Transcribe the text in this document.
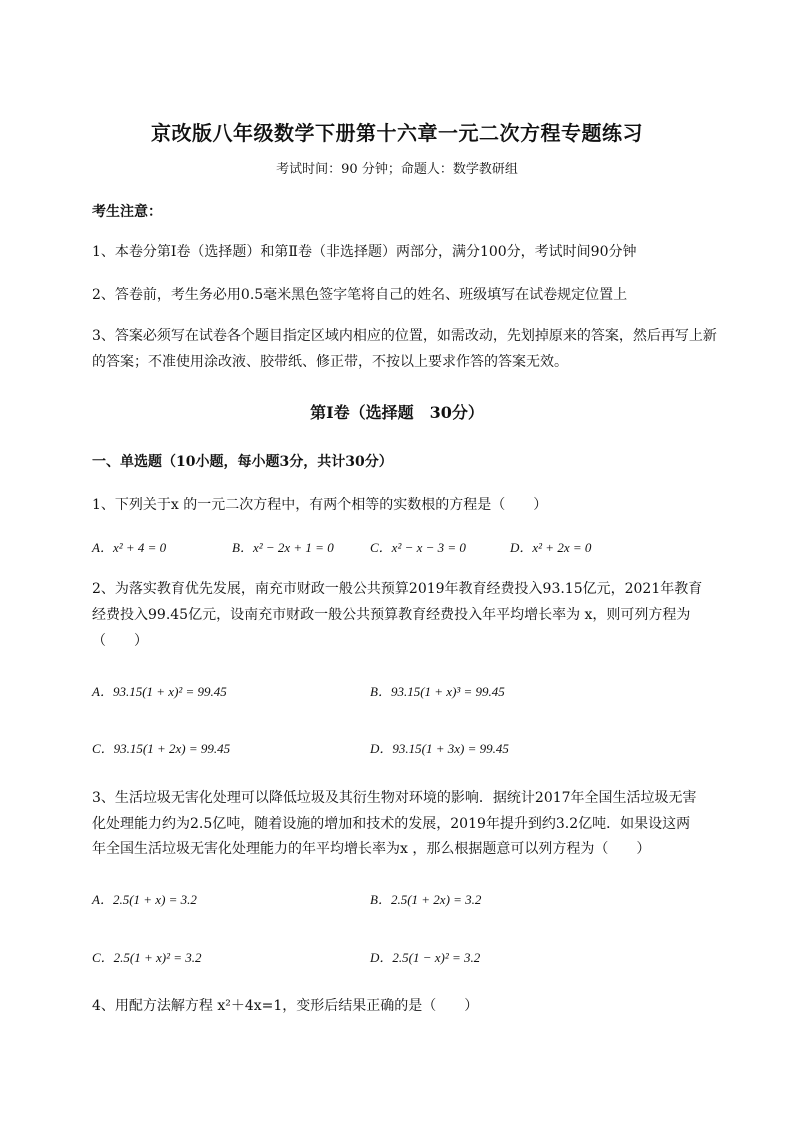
京改版八年级数学下册第十六章一元二次方程专题练习
考试时间：90 分钟；命题人：数学教研组
考生注意：
1、本卷分第Ⅰ卷（选择题）和第Ⅱ卷（非选择题）两部分，满分100分，考试时间90分钟
2、答卷前，考生务必用0.5毫米黑色签字笔将自己的姓名、班级填写在试卷规定位置上
3、答案必须写在试卷各个题目指定区域内相应的位置，如需改动，先划掉原来的答案，然后再写上新
的答案；不准使用涂改液、胶带纸、修正带，不按以上要求作答的答案无效。
第Ⅰ卷（选择题　30分）
一、单选题（10小题，每小题3分，共计30分）
1、下列关于x 的一元二次方程中，有两个相等的实数根的方程是（　　）
A．x² + 4 = 0	B．x² − 2x + 1 = 0	C．x² − x − 3 = 0	D．x² + 2x = 0
2、为落实教育优先发展，南充市财政一般公共预算2019年教育经费投入93.15亿元，2021年教育
经费投入99.45亿元，设南充市财政一般公共预算教育经费投入年平均增长率为 x，则可列方程为
（　　）
A．93.15(1 + x)² = 99.45	B．93.15(1 + x)³ = 99.45
C．93.15(1 + 2x) = 99.45	D．93.15(1 + 3x) = 99.45
3、生活垃圾无害化处理可以降低垃圾及其衍生物对环境的影响．据统计2017年全国生活垃圾无害
化处理能力约为2.5亿吨，随着设施的增加和技术的发展，2019年提升到约3.2亿吨．如果设这两
年全国生活垃圾无害化处理能力的年平均增长率为x ，那么根据题意可以列方程为（　　）
A．2.5(1 + x) = 3.2	B．2.5(1 + 2x) = 3.2
C．2.5(1 + x)² = 3.2	D．2.5(1 − x)² = 3.2
4、用配方法解方程 x²＋4x=1，变形后结果正确的是（　　）
